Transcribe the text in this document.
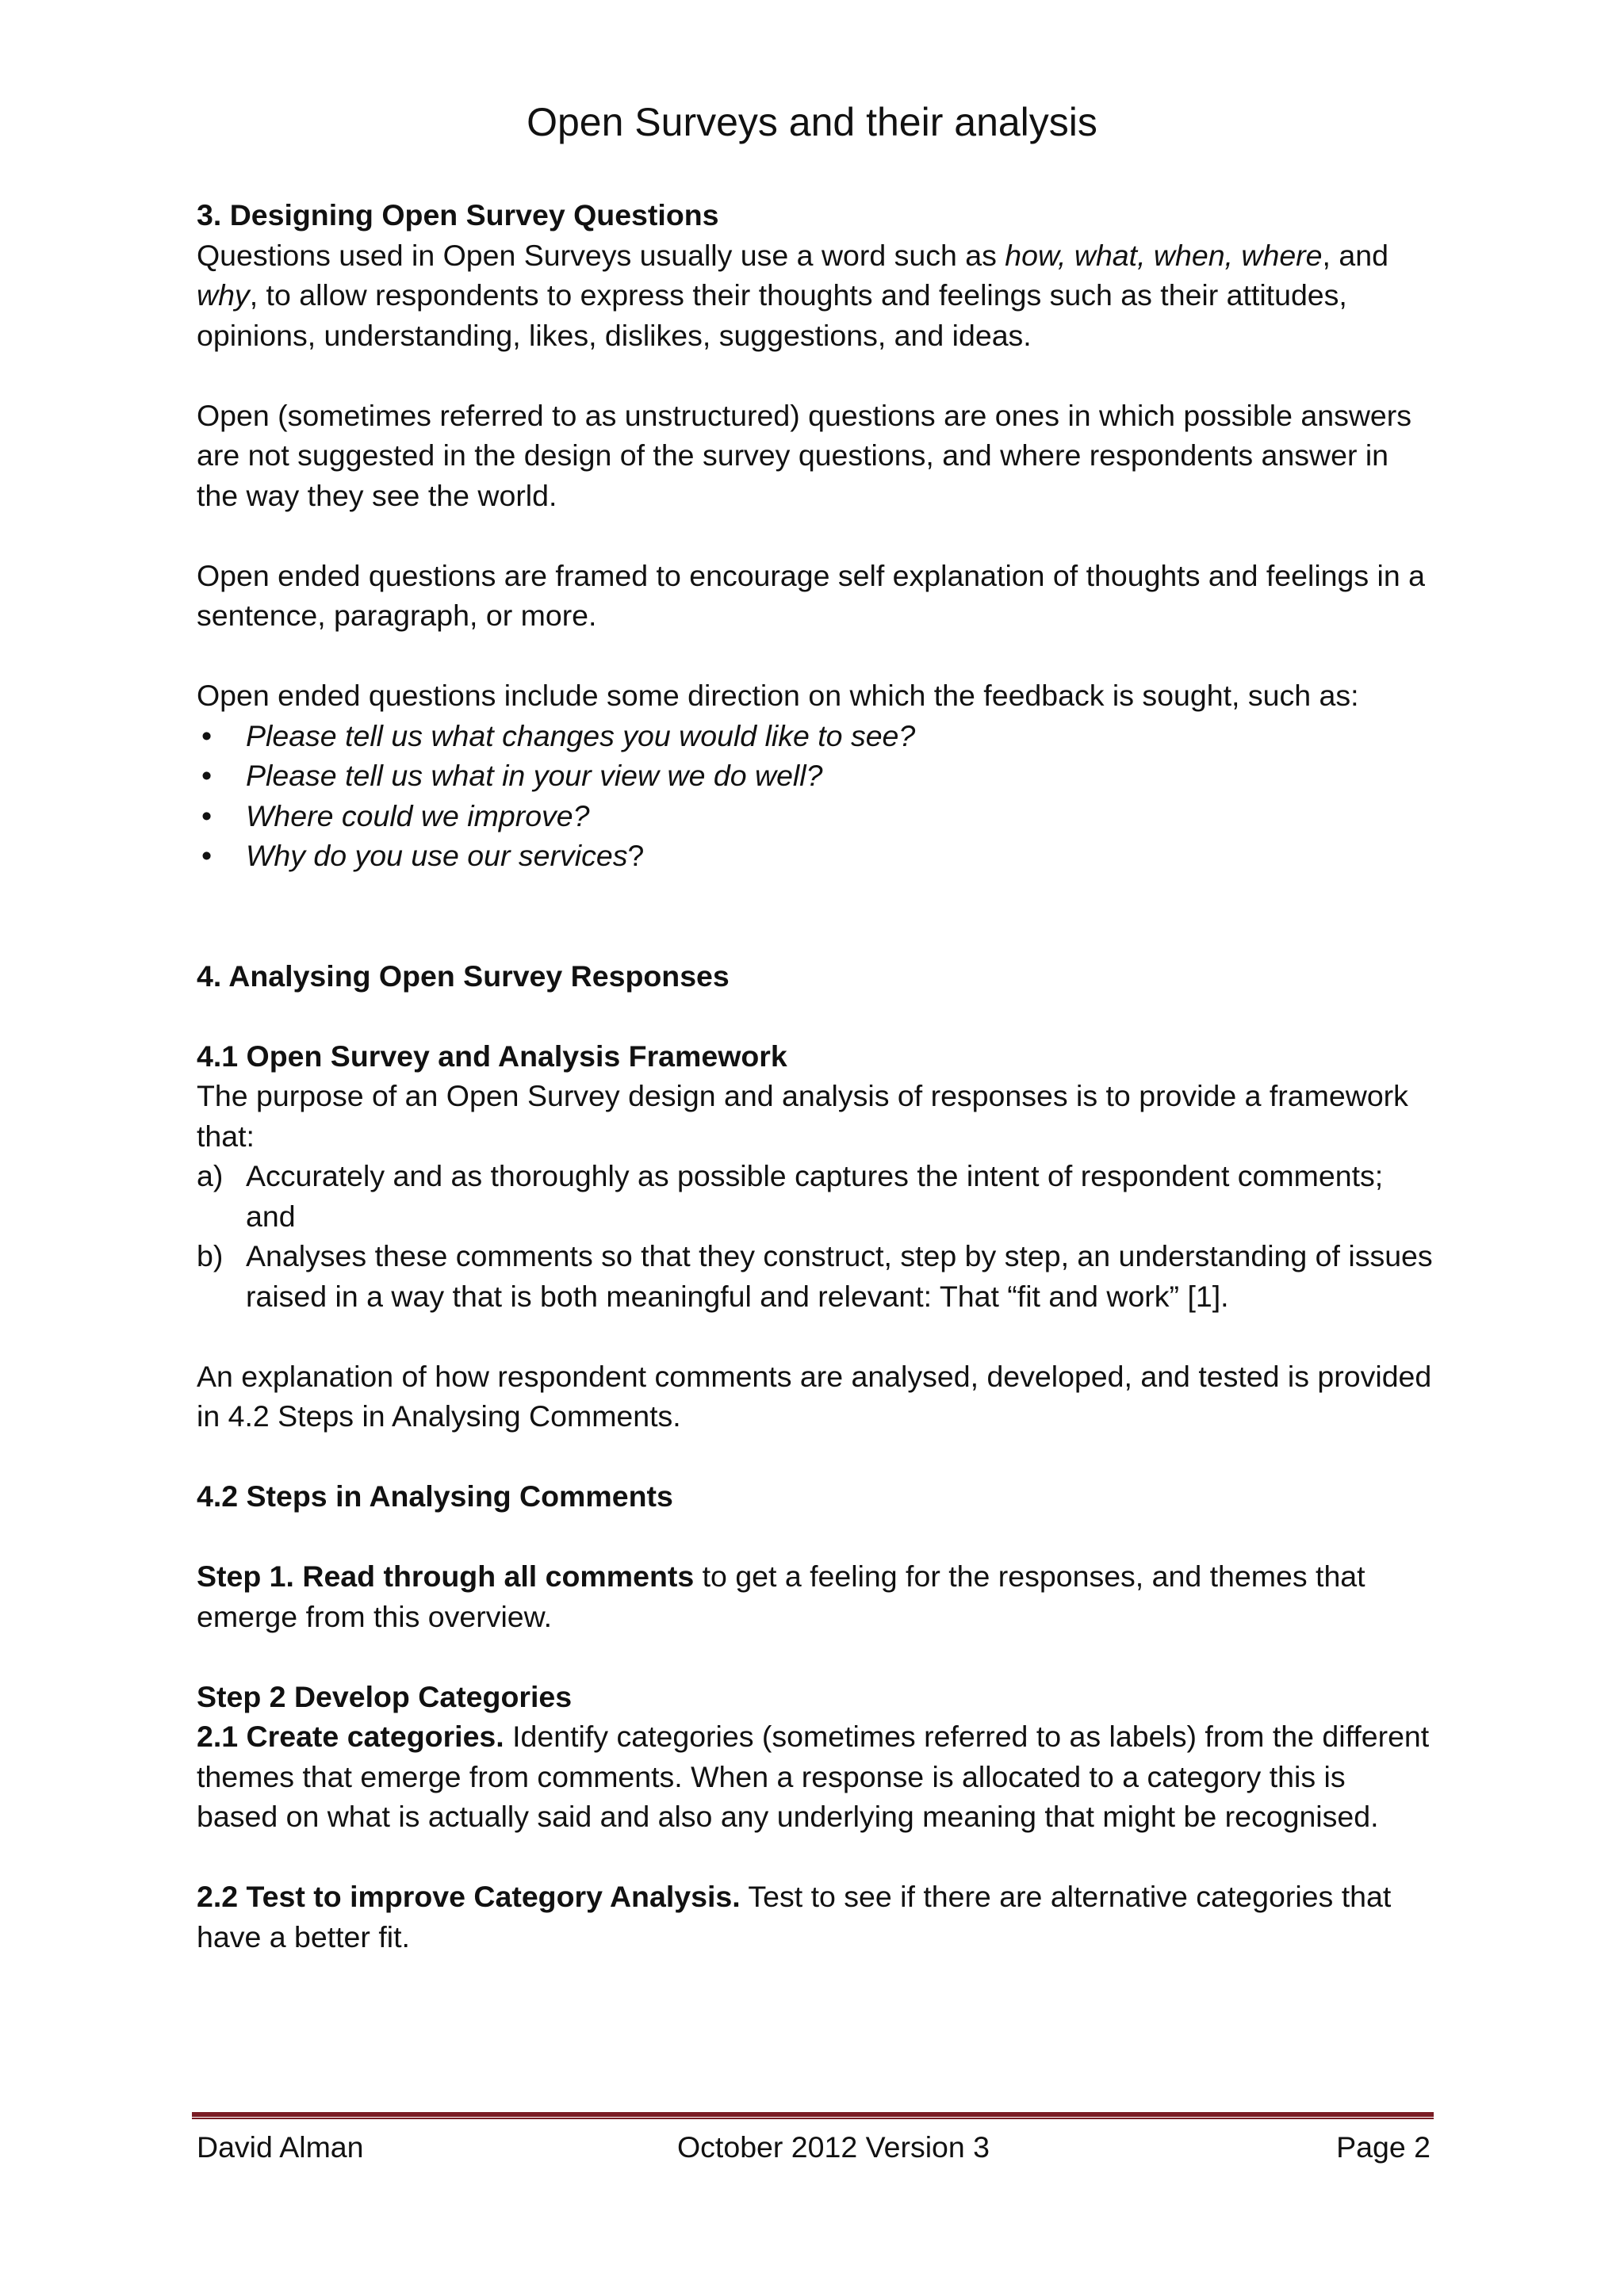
Open Surveys and their analysis

3. Designing Open Survey Questions

Questions used in Open Surveys usually use a word such as how, what, when, where, and why, to allow respondents to express their thoughts and feelings such as their attitudes, opinions, understanding, likes, dislikes, suggestions, and ideas.

Open (sometimes referred to as unstructured) questions are ones in which possible answers are not suggested in the design of the survey questions, and where respondents answer in the way they see the world.

Open ended questions are framed to encourage self explanation of thoughts and feelings in a sentence, paragraph, or more.

Open ended questions include some direction on which the feedback is sought, such as:

•	Please tell us what changes you would like to see?
•	Please tell us what in your view we do well?
•	Where could we improve?
•	Why do you use our services?

4. Analysing Open Survey Responses

4.1 Open Survey and Analysis Framework

The purpose of an Open Survey design and analysis of responses is to provide a framework that:

a) Accurately and as thoroughly as possible captures the intent of respondent comments; and
b) Analyses these comments so that they construct, step by step, an understanding of issues raised in a way that is both meaningful and relevant: That “fit and work” [1].

An explanation of how respondent comments are analysed, developed, and tested is provided in 4.2 Steps in Analysing Comments.

4.2 Steps in Analysing Comments

Step 1. Read through all comments to get a feeling for the responses, and themes that emerge from this overview.

Step 2 Develop Categories

2.1 Create categories. Identify categories (sometimes referred to as labels) from the different themes that emerge from comments. When a response is allocated to a category this is based on what is actually said and also any underlying meaning that might be recognised.

2.2 Test to improve Category Analysis. Test to see if there are alternative categories that have a better fit.

David Alman	October 2012 Version 3	Page 2
